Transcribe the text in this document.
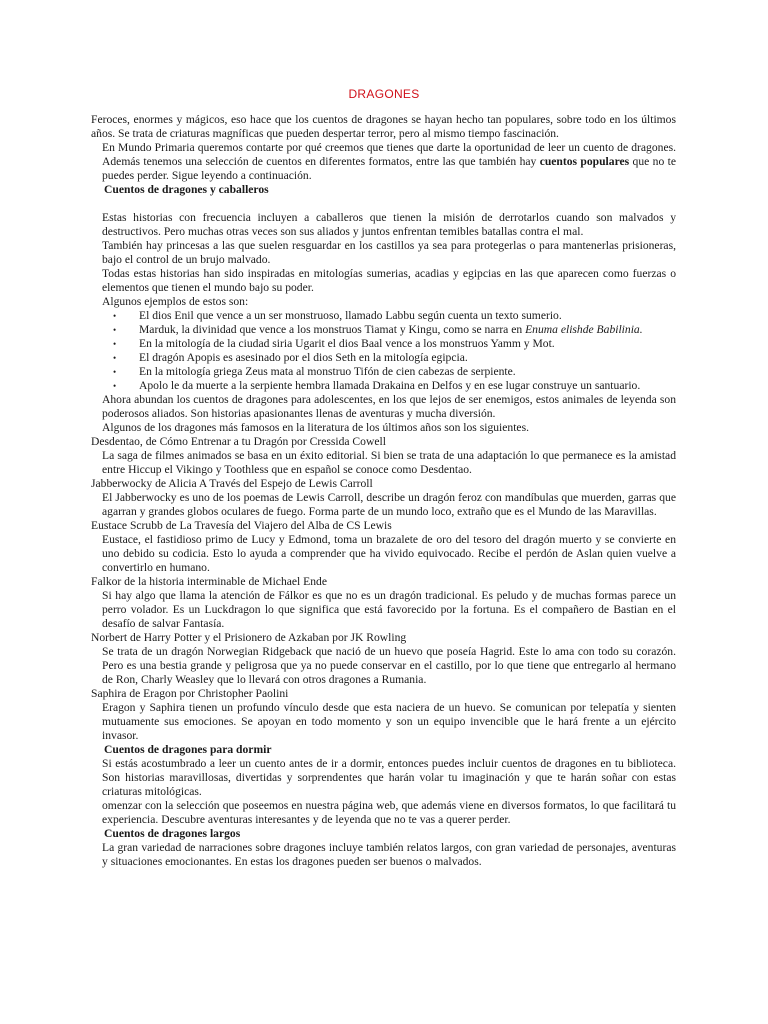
DRAGONES

Feroces, enormes y mágicos, eso hace que los cuentos de dragones se hayan hecho tan populares, sobre todo en los últimos años. Se trata de criaturas magníficas que pueden despertar terror, pero al mismo tiempo fascinación.

En Mundo Primaria queremos contarte por qué creemos que tienes que darte la oportunidad de leer un cuento de dragones. Además tenemos una selección de cuentos en diferentes formatos, entre las que también hay cuentos populares que no te puedes perder. Sigue leyendo a continuación.

Cuentos de dragones y caballeros

Estas historias con frecuencia incluyen a caballeros que tienen la misión de derrotarlos cuando son malvados y destructivos. Pero muchas otras veces son sus aliados y juntos enfrentan temibles batallas contra el mal.

También hay princesas a las que suelen resguardar en los castillos ya sea para protegerlas o para mantenerlas prisioneras, bajo el control de un brujo malvado.

Todas estas historias han sido inspiradas en mitologías sumerias, acadias y egipcias en las que aparecen como fuerzas o elementos que tienen el mundo bajo su poder.

Algunos ejemplos de estos son:

• El dios Enil que vence a un ser monstruoso, llamado Labbu según cuenta un texto sumerio.
• Marduk, la divinidad que vence a los monstruos Tiamat y Kingu, como se narra en Enuma elishde Babilinia.
• En la mitología de la ciudad siria Ugarit el dios Baal vence a los monstruos Yamm y Mot.
• El dragón Apopis es asesinado por el dios Seth en la mitología egipcia.
• En la mitología griega Zeus mata al monstruo Tifón de cien cabezas de serpiente.
• Apolo le da muerte a la serpiente hembra llamada Drakaina en Delfos y en ese lugar construye un santuario.

Ahora abundan los cuentos de dragones para adolescentes, en los que lejos de ser enemigos, estos animales de leyenda son poderosos aliados. Son historias apasionantes llenas de aventuras y mucha diversión.

Algunos de los dragones más famosos en la literatura de los últimos años son los siguientes.

Desdentao, de Cómo Entrenar a tu Dragón por Cressida Cowell

La saga de filmes animados se basa en un éxito editorial. Si bien se trata de una adaptación lo que permanece es la amistad entre Hiccup el Vikingo y Toothless que en español se conoce como Desdentao.

Jabberwocky de Alicia A Través del Espejo de Lewis Carroll

El Jabberwocky es uno de los poemas de Lewis Carroll, describe un dragón feroz con mandíbulas que muerden, garras que agarran y grandes globos oculares de fuego. Forma parte de un mundo loco, extraño que es el Mundo de las Maravillas.

Eustace Scrubb de La Travesía del Viajero del Alba de CS Lewis

Eustace, el fastidioso primo de Lucy y Edmond, toma un brazalete de oro del tesoro del dragón muerto y se convierte en uno debido su codicia. Esto lo ayuda a comprender que ha vivido equivocado. Recibe el perdón de Aslan quien vuelve a convertirlo en humano.

Falkor de la historia interminable de Michael Ende

Si hay algo que llama la atención de Fálkor es que no es un dragón tradicional. Es peludo y de muchas formas parece un perro volador. Es un Luckdragon lo que significa que está favorecido por la fortuna. Es el compañero de Bastian en el desafío de salvar Fantasía.

Norbert de Harry Potter y el Prisionero de Azkaban por JK Rowling

Se trata de un dragón Norwegian Ridgeback que nació de un huevo que poseía Hagrid. Este lo ama con todo su corazón. Pero es una bestia grande y peligrosa que ya no puede conservar en el castillo, por lo que tiene que entregarlo al hermano de Ron, Charly Weasley que lo llevará con otros dragones a Rumania.

Saphira de Eragon por Christopher Paolini

Eragon y Saphira tienen un profundo vínculo desde que esta naciera de un huevo. Se comunican por telepatía y sienten mutuamente sus emociones. Se apoyan en todo momento y son un equipo invencible que le hará frente a un ejército invasor.

Cuentos de dragones para dormir

Si estás acostumbrado a leer un cuento antes de ir a dormir, entonces puedes incluir cuentos de dragones en tu biblioteca. Son historias maravillosas, divertidas y sorprendentes que harán volar tu imaginación y que te harán soñar con estas criaturas mitológicas.

omenzar con la selección que poseemos en nuestra página web, que además viene en diversos formatos, lo que facilitará tu experiencia. Descubre aventuras interesantes y de leyenda que no te vas a querer perder.

Cuentos de dragones largos

La gran variedad de narraciones sobre dragones incluye también relatos largos, con gran variedad de personajes, aventuras y situaciones emocionantes. En estas los dragones pueden ser buenos o malvados.
